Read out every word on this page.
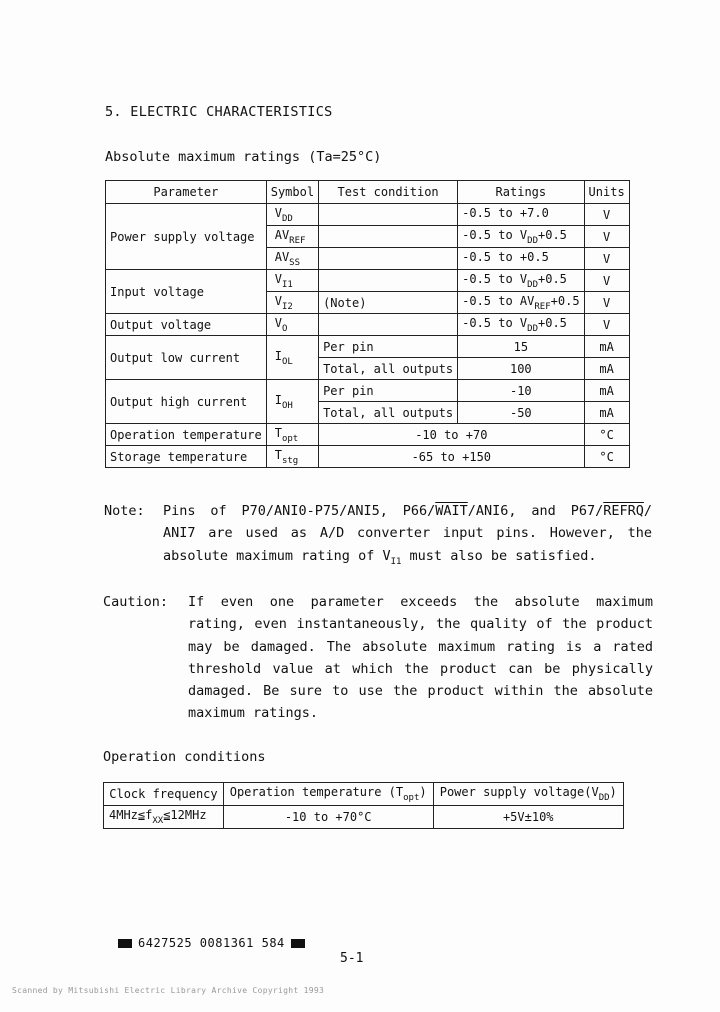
5. ELECTRIC CHARACTERISTICS
Absolute maximum ratings (Ta=25°C)
Parameter	Symbol	Test condition	Ratings	Units
Power supply voltage	$V_{DD}$		-0.5 to +7.0	V
	$AV_{REF}$		-0.5 to $V_{DD}+0.5$	V
	$AV_{SS}$		-0.5 to +0.5	V
Input voltage	$V_{I1}$		-0.5 to $V_{DD}+0.5$	V
	$V_{I2}$	(Note)	-0.5 to $AV_{REF}+0.5$	V
Output voltage	$V_O$		-0.5 to $V_{DD}+0.5$	V
Output low current	$I_{OL}$	Per pin	15	mA
		Total, all outputs	100	mA
Output high current	$I_{OH}$	Per pin	-10	mA
		Total, all outputs	-50	mA
Operation temperature	$T_{opt}$	-10 to +70		°C
Storage temperature	$T_{stg}$	-65 to +150		°C
Note: Pins of P70/ANI0-P75/ANI5, P66/WAIT/ANI6, and P67/REFRQ/ ANI7 are used as A/D converter input pins. However, the absolute maximum rating of $V_{I1}$ must also be satisfied.
Caution: If even one parameter exceeds the absolute maximum rating, even instantaneously, the quality of the product may be damaged. The absolute maximum rating is a rated threshold value at which the product can be physically damaged. Be sure to use the product within the absolute maximum ratings.
Operation conditions
Clock frequency	Operation temperature $(T_{opt})$	Power supply $voltage(V_{DD})$
$4MHz≦f_{XX}≦12MHz$	-10 to +70°C	+5V±10%
6427525 0081361 584
5-1
Scanned by Mitsubishi Electric Library Archive Copyright 1993
